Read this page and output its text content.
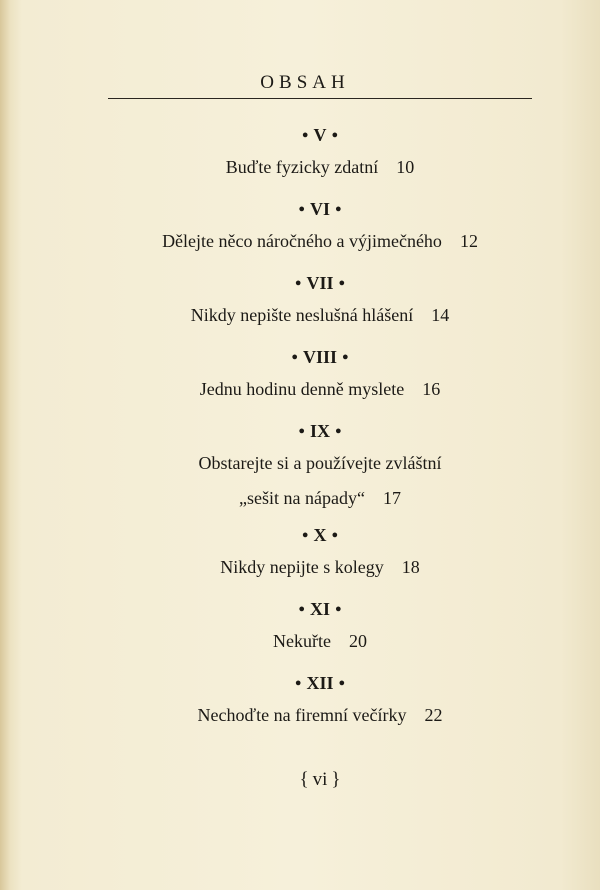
OBSAH
● V ●
Buďte fyzicky zdatní 10
● VI ●
Dělejte něco náročného a výjimečného 12
● VII ●
Nikdy nepište neslušná hlášení 14
● VIII ●
Jednu hodinu denně myslete 16
● IX ●
Obstarejte si a používejte zvláštní
„sešit na nápady“ 17
● X ●
Nikdy nepijte s kolegy 18
● XI ●
Nekuřte 20
● XII ●
Nechoďte na firemní večírky 22
{ vi }
